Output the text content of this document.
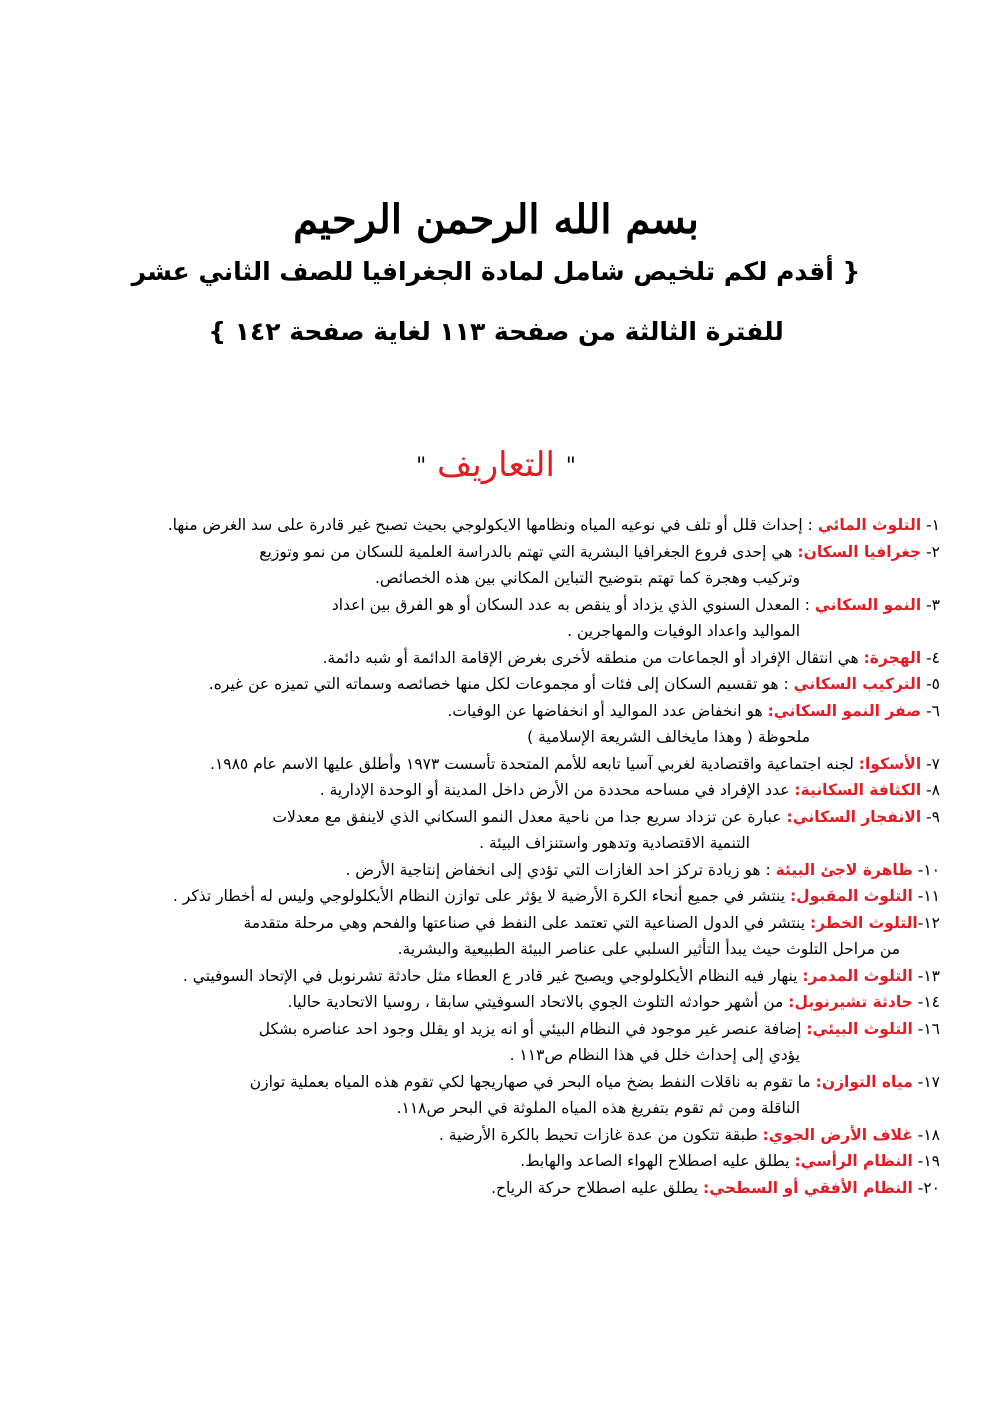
بسم الله الرحمن الرحيم
{ أقدم لكم تلخيص شامل لمادة الجغرافيا للصف الثاني عشر
للفترة الثالثة من صفحة ١١٣ لغاية صفحة ١٤٢ }
" التعاريف "
١- التلوث المائي : إحداث قلل أو تلف في نوعيه المياه ونظامها الايكولوجي بحيث تصبح غير قادرة على سد الغرض منها.
٢- جغرافيا السكان: هي إحدى فروع الجغرافيا البشرية التي تهتم بالدراسة العلمية للسكان من نمو وتوزيع
وتركيب وهجرة كما تهتم بتوضيح التباين المكاني بين هذه الخصائص.
٣- النمو السكاني : المعدل السنوي الذي يزداد أو ينقص به عدد السكان أو هو الفرق بين اعداد
المواليد واعداد الوفيات والمهاجرين .
٤- الهجرة: هي انتقال الإفراد أو الجماعات من منطقه لأخرى بغرض الإقامة الدائمة أو شبه دائمة.
٥- التركيب السكاني : هو تقسيم السكان إلى فئات أو مجموعات لكل منها خصائصه وسماته التي تميزه عن غيره.
٦- صفر النمو السكاني: هو انخفاض عدد المواليد أو انخفاضها عن الوفيات.
ملحوظة ( وهذا مايخالف الشريعة الإسلامية )
٧- الأسكوا: لجنه اجتماعية واقتصادية لغربي آسيا تابعه للأمم المتحدة تأسست ١٩٧٣ وأطلق عليها الاسم عام ١٩٨٥.
٨- الكثافة السكانية: عدد الإفراد في مساحه محددة من الأرض داخل المدينة أو الوحدة الإدارية .
٩- الانفجار السكاني: عبارة عن تزداد سريع جدا من ناحية معدل النمو السكاني الذي لاينفق مع معدلات
التنمية الاقتصادية وتدهور واستنزاف البيئة .
١٠- ظاهرة لاجئ البيئة : هو زيادة تركز احد الغازات التي تؤدي إلى انخفاض إنتاجية الأرض .
١١- التلوث المقبول: ينتشر في جميع أنحاء الكرة الأرضية لا يؤثر على توازن النظام الأيكلولوجي وليس له أخطار تذكر .
١٢-التلوث الخطر: ينتشر في الدول الصناعية التي تعتمد على النفط في صناعتها والفحم وهي مرحلة متقدمة
من مراحل التلوث حيث يبدأ التأثير السلبي على عناصر البيئة الطبيعية والبشرية.
١٣- التلوث المدمر: ينهار فيه النظام الأيكلولوجي ويصبح غير قادر ع العطاء مثل حادثة تشرنوبل في الإتحاد السوفيتي .
١٤- حادثة تشيرنوبل: من أشهر حوادثه التلوث الجوي بالاتحاد السوفيتي سابقا ، روسيا الاتحادية حاليا.
١٦- التلوث البيئي: إضافة عنصر غير موجود في النظام البيئي أو انه يزيد او يقلل وجود احد عناصره بشكل
يؤدي إلى إحداث خلل في هذا النظام ص١١٣ .
١٧- مياه التوازن: ما تقوم به ناقلات النفط بضخ مياه البحر في صهاريجها لكي تقوم هذه المياه بعملية توازن
الناقلة ومن ثم تقوم بتفريغ هذه المياه الملوثة في البحر ص١١٨.
١٨- غلاف الأرض الجوي: طبقة تتكون من عدة غازات تحيط بالكرة الأرضية .
١٩- النظام الرأسي: يطلق عليه اصطلاح الهواء الصاعد والهابط.
٢٠- النظام الأفقي أو السطحي: يطلق عليه اصطلاح حركة الرياح.
